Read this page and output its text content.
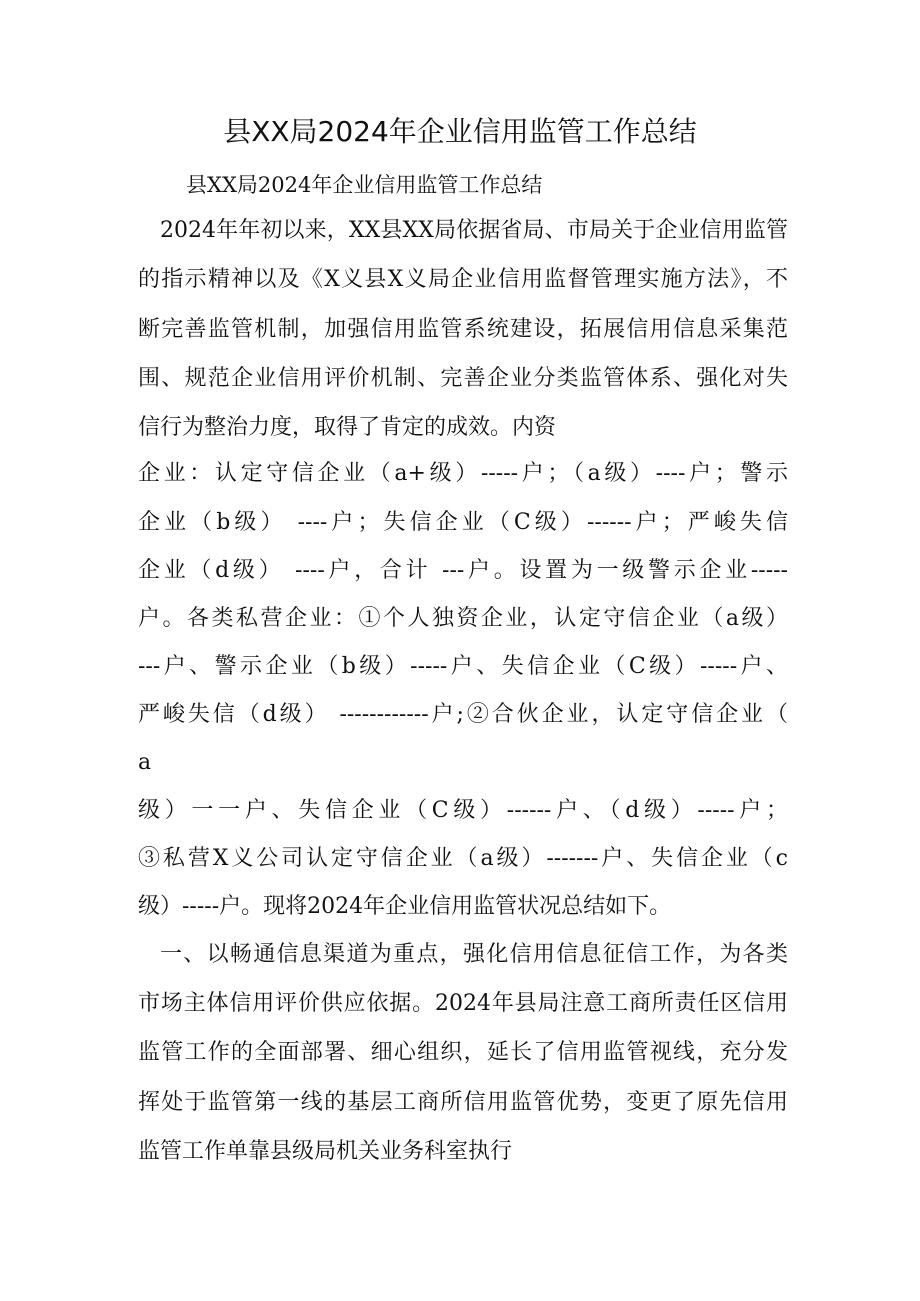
县XX局2024年企业信用监管工作总结
县XX局2024年企业信用监管工作总结
2024年年初以来，XX县XX局依据省局、市局关于企业信用监管
的指示精神以及《X义县X义局企业信用监督管理实施方法》，不
断完善监管机制，加强信用监管系统建设，拓展信用信息采集范
围、规范企业信用评价机制、完善企业分类监管体系、强化对失
信行为整治力度，取得了肯定的成效。内资
企业：认定守信企业（a+级）-----户；（a级）----户；警示
企业（b级） ----户；失信企业（C级）------户；严峻失信
企业（d级） ----户，合计 ---户。设置为一级警示企业-----
户。各类私营企业：①个人独资企业，认定守信企业（a级）
---户、警示企业（b级）-----户、失信企业（C级）-----户、
严峻失信（d级） ------------户;②合伙企业，认定守信企业（
a
级）一一户、失信企业（C级）------户、（d级）-----户；
③私营X义公司认定守信企业（a级）-------户、失信企业（c
级）-----户。现将2024年企业信用监管状况总结如下。
一、以畅通信息渠道为重点，强化信用信息征信工作，为各类
市场主体信用评价供应依据。2024年县局注意工商所责任区信用
监管工作的全面部署、细心组织，延长了信用监管视线，充分发
挥处于监管第一线的基层工商所信用监管优势，变更了原先信用
监管工作单靠县级局机关业务科室执行
